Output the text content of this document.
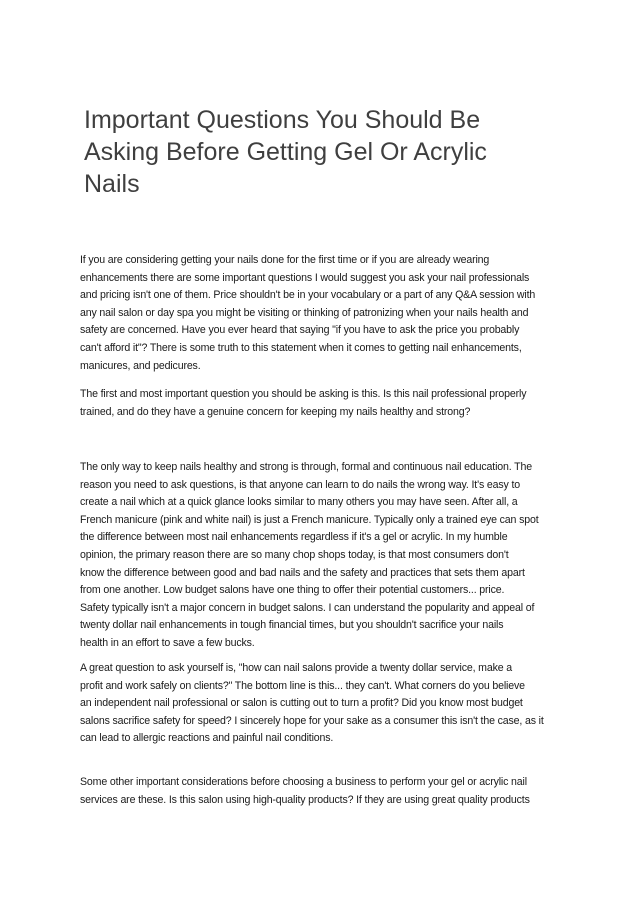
Important Questions You Should Be
Asking Before Getting Gel Or Acrylic
Nails

If you are considering getting your nails done for the first time or if you are already wearing
enhancements there are some important questions I would suggest you ask your nail professionals
and pricing isn't one of them. Price shouldn't be in your vocabulary or a part of any Q&A session with
any nail salon or day spa you might be visiting or thinking of patronizing when your nails health and
safety are concerned. Have you ever heard that saying "if you have to ask the price you probably
can't afford it"? There is some truth to this statement when it comes to getting nail enhancements,
manicures, and pedicures.

The first and most important question you should be asking is this. Is this nail professional properly
trained, and do they have a genuine concern for keeping my nails healthy and strong?

The only way to keep nails healthy and strong is through, formal and continuous nail education. The
reason you need to ask questions, is that anyone can learn to do nails the wrong way. It's easy to
create a nail which at a quick glance looks similar to many others you may have seen. After all, a
French manicure (pink and white nail) is just a French manicure. Typically only a trained eye can spot
the difference between most nail enhancements regardless if it's a gel or acrylic. In my humble
opinion, the primary reason there are so many chop shops today, is that most consumers don't
know the difference between good and bad nails and the safety and practices that sets them apart
from one another. Low budget salons have one thing to offer their potential customers... price.
Safety typically isn't a major concern in budget salons. I can understand the popularity and appeal of
twenty dollar nail enhancements in tough financial times, but you shouldn't sacrifice your nails
health in an effort to save a few bucks.

A great question to ask yourself is, "how can nail salons provide a twenty dollar service, make a
profit and work safely on clients?" The bottom line is this... they can't. What corners do you believe
an independent nail professional or salon is cutting out to turn a profit? Did you know most budget
salons sacrifice safety for speed? I sincerely hope for your sake as a consumer this isn't the case, as it
can lead to allergic reactions and painful nail conditions.

Some other important considerations before choosing a business to perform your gel or acrylic nail
services are these. Is this salon using high-quality products? If they are using great quality products
